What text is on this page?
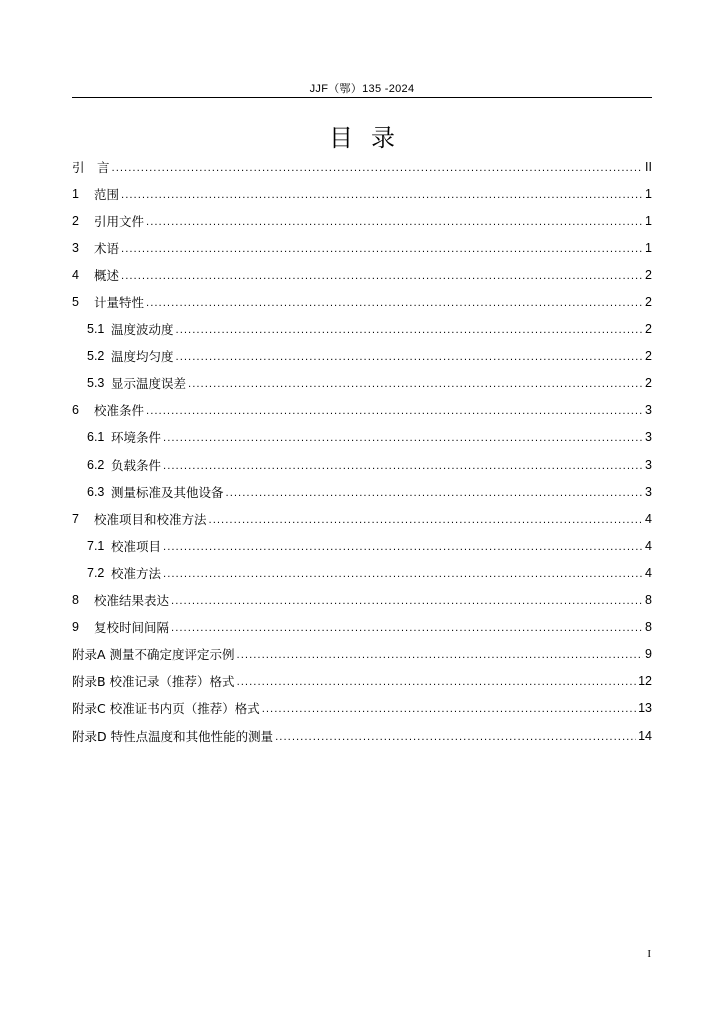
JJF（鄂）135 -2024
目录
引　言 .....	II
1	范围 .....	1
2	引用文件 .....	1
3	术语 .....	1
4	概述 .....	2
5	计量特性 .....	2
5.1 温度波动度 .....	2
5.2 温度均匀度 .....	2
5.3 显示温度误差 .....	2
6	校准条件 .....	3
6.1 环境条件 .....	3
6.2 负载条件 .....	3
6.3 测量标准及其他设备 .....	3
7	校准项目和校准方法 .....	4
7.1 校准项目 .....	4
7.2 校准方法 .....	4
8	校准结果表达 .....	8
9	复校时间间隔 .....	8
附录A 测量不确定度评定示例 .....	9
附录B 校准记录（推荐）格式 .....	12
附录C 校准证书内页（推荐）格式 .....	13
附录D 特性点温度和其他性能的测量 .....	14
I
